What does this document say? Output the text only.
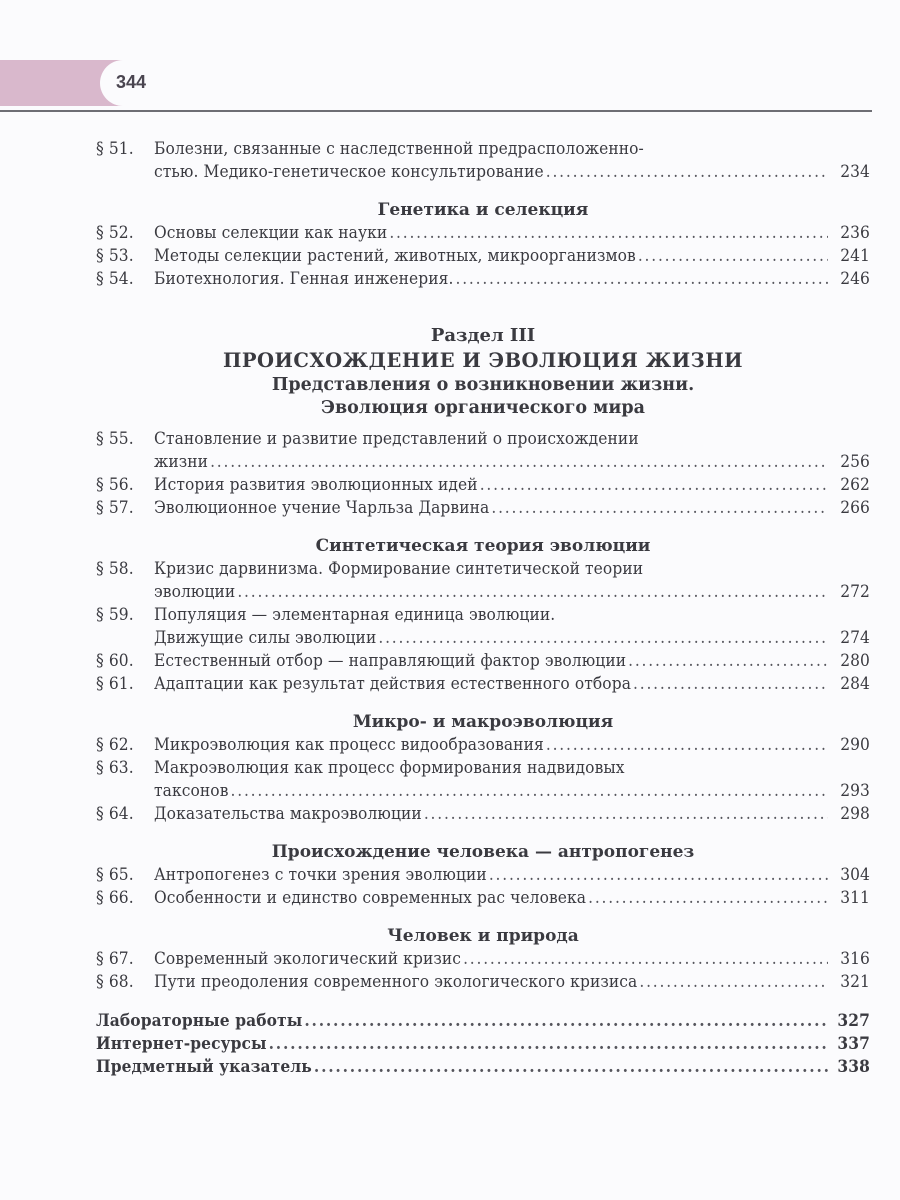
344
§ 51.	Болезни, связанные с наследственной предрасположенно-
стью. Медико-генетическое консультирование .....	234
Генетика и селекция
§ 52.	Основы селекции как науки .....	236
§ 53.	Методы селекции растений, животных, микроорганизмов .....	241
§ 54.	Биотехнология. Генная инженерия. .....	246
Раздел III
ПРОИСХОЖДЕНИЕ И ЭВОЛЮЦИЯ ЖИЗНИ
Представления о возникновении жизни.
Эволюция органического мира
§ 55.	Становление и развитие представлений о происхождении
жизни .....	256
§ 56.	История развития эволюционных идей .....	262
§ 57.	Эволюционное учение Чарльза Дарвина .....	266
Синтетическая теория эволюции
§ 58.	Кризис дарвинизма. Формирование синтетической теории
эволюции .....	272
§ 59.	Популяция — элементарная единица эволюции.
Движущие силы эволюции .....	274
§ 60.	Естественный отбор — направляющий фактор эволюции .....	280
§ 61.	Адаптации как результат действия естественного отбора .....	284
Микро- и макроэволюция
§ 62.	Микроэволюция как процесс видообразования .....	290
§ 63.	Макроэволюция как процесс формирования надвидовых
таксонов .....	293
§ 64.	Доказательства макроэволюции .....	298
Происхождение человека — антропогенез
§ 65.	Антропогенез с точки зрения эволюции .....	304
§ 66.	Особенности и единство современных рас человека .....	311
Человек и природа
§ 67.	Современный экологический кризис .....	316
§ 68.	Пути преодоления современного экологического кризиса .....	321
Лабораторные работы .....	327
Интернет-ресурсы .....	337
Предметный указатель .....	338
